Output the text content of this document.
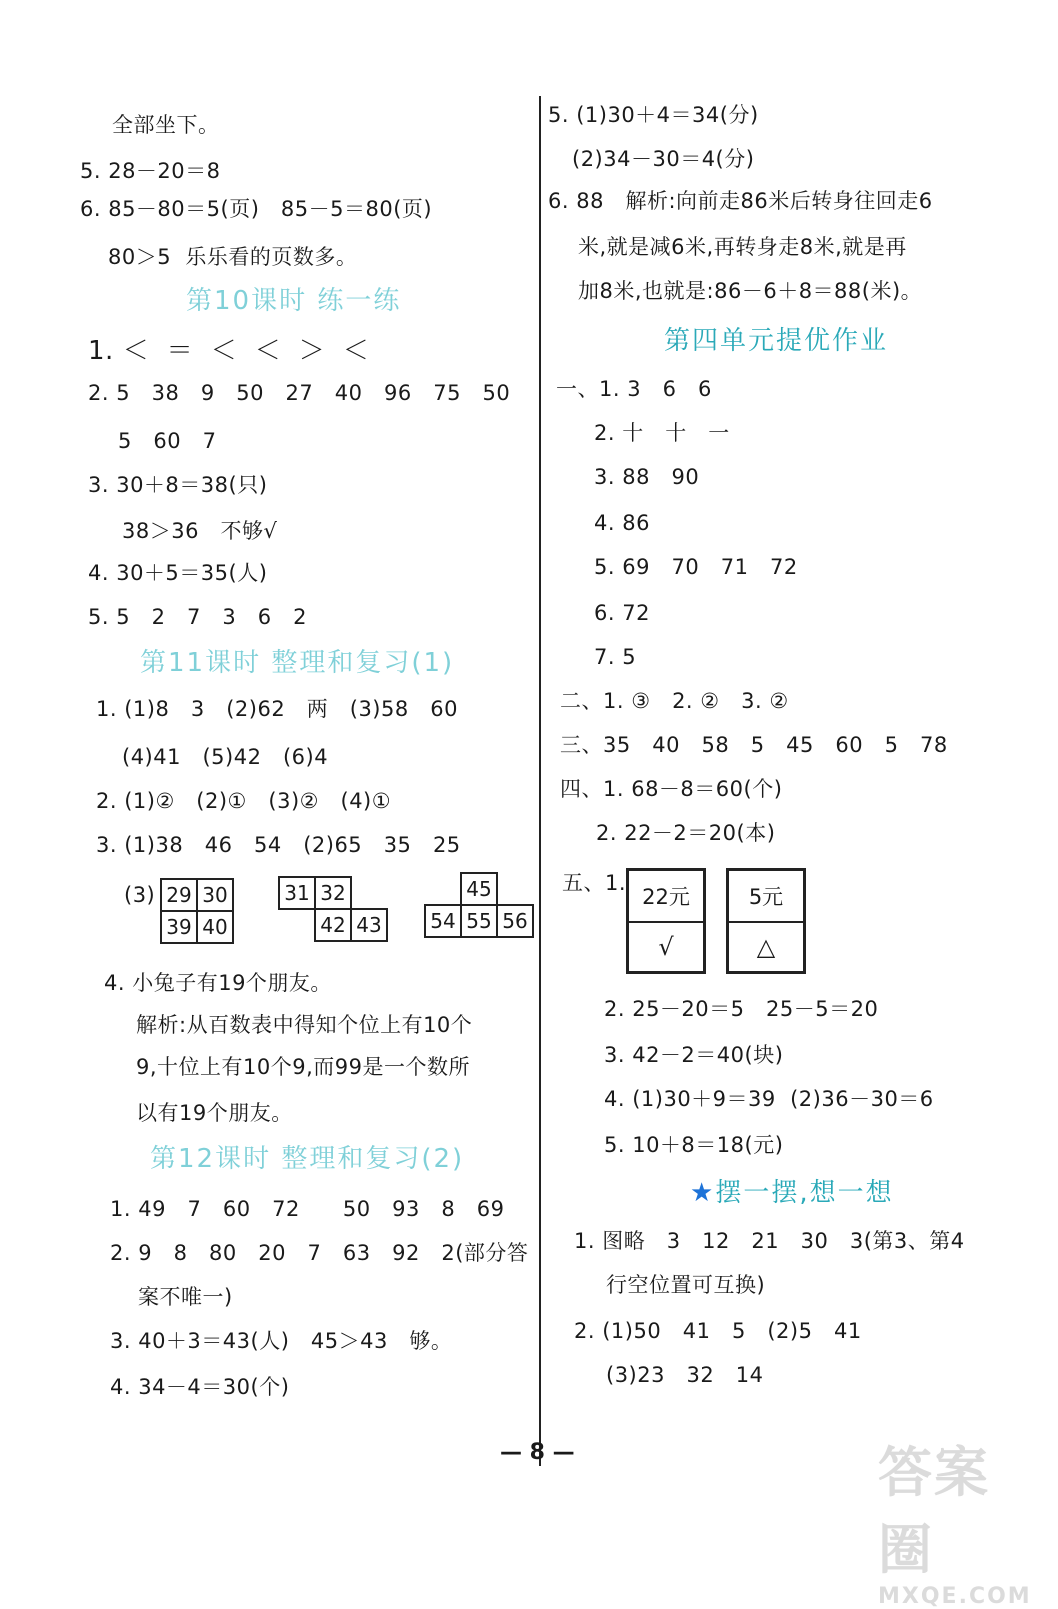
全部坐下。
5. 28－20＝8
6. 85－80＝5(页)   85－5＝80(页)
80＞5  乐乐看的页数多。
第10课时 练一练
1. ＜  ＝  ＜  ＜  ＞  ＜
2. 5   38   9   50   27   40   96   75   50
5   60   7
3. 30＋8＝38(只)
38＞36   不够√
4. 30＋5＝35(人)
5. 5   2   7   3   6   2
第11课时 整理和复习(1)
1. (1)8   3   (2)62   两   (3)58   60
(4)41   (5)42   (6)4
2. (1)②   (2)①   (3)②   (4)①
3. (1)38   46   54   (2)65   35   25
(3) 29	30
39	40
31	32	
	42	43
	45	
54	55	56
4. 小兔子有19个朋友。
解析:从百数表中得知个位上有10个
9,十位上有10个9,而99是一个数所
以有19个朋友。
第12课时 整理和复习(2)
1. 49   7   60   72      50   93   8   69
2. 9   8   80   20   7   63   92   2(部分答
案不唯一)
3. 40＋3＝43(人)   45＞43   够。
4. 34－4＝30(个)
5. (1)30＋4＝34(分)
(2)34－30＝4(分)
6. 88   解析:向前走86米后转身往回走6
米,就是减6米,再转身走8米,就是再
加8米,也就是:86－6＋8＝88(米)。
第四单元提优作业
一、1. 3   6   6
2. 十   十   一
3. 88   90
4. 86
5. 69   70   71   72
6. 72
7. 5
二、1. ③   2. ②   3. ②
三、35   40   58   5   45   60   5   78
四、1. 68－8＝60(个)
2. 22－2＝20(本)
五、1.
22元
√
5元
△
2. 25－20＝5   25－5＝20
3. 42－2＝40(块)
4. (1)30＋9＝39  (2)36－30＝6
5. 10＋8＝18(元)
★摆一摆,想一想
1. 图略   3   12   21   30   3(第3、第4
行空位置可互换)
2. (1)50   41   5   (2)5   41
(3)23   32   14
— 8 —	答案圈
MXQE.COM
